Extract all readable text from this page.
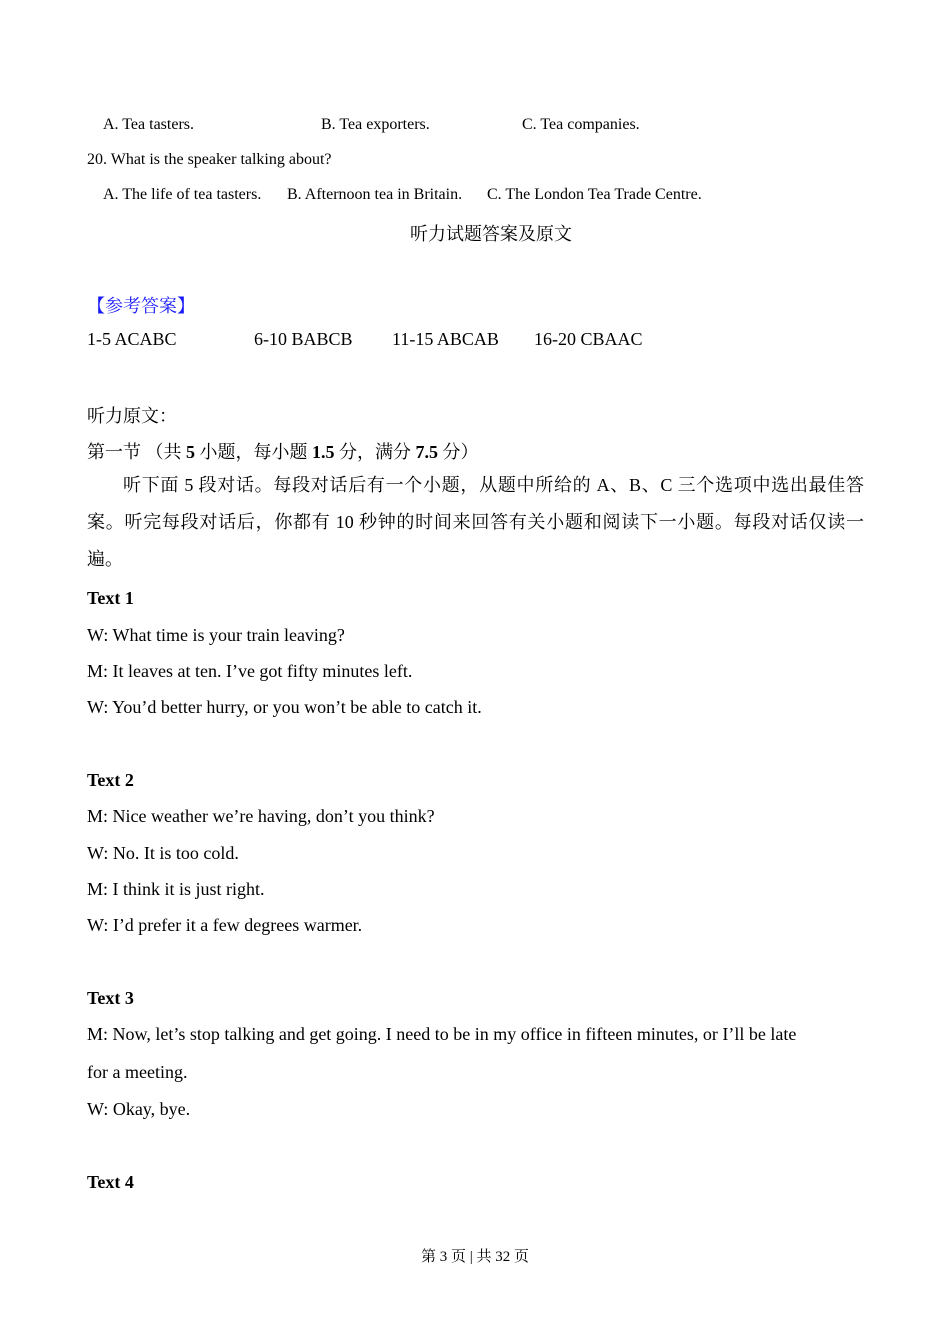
A. Tea tasters.	B. Tea exporters.	C. Tea companies.
20. What is the speaker talking about?
A. The life of tea tasters. B. Afternoon tea in Britain. C. The London Tea Trade Centre.
听力试题答案及原文
【参考答案】
1-5 ACABC	6-10 BABCB 11-15 ABCAB 16-20 CBAAC
听力原文：
第一节 （共 5 小题，每小题 1.5 分，满分 7.5 分）
听下面 5 段对话。每段对话后有一个小题，从题中所给的 A、B、C 三个选项中选出最佳答案。听完每段对话后，你都有 10 秒钟的时间来回答有关小题和阅读下一小题。每段对话仅读一遍。
Text 1
W: What time is your train leaving?
M: It leaves at ten. I’ve got fifty minutes left.
W: You’d better hurry, or you won’t be able to catch it.
Text 2
M: Nice weather we’re having, don’t you think?
W: No. It is too cold.
M: I think it is just right.
W: I’d prefer it a few degrees warmer.
Text 3
M: Now, let’s stop talking and get going. I need to be in my office in fifteen minutes, or I’ll be late
for a meeting.
W: Okay, bye.
Text 4
第 3 页 | 共 32 页
